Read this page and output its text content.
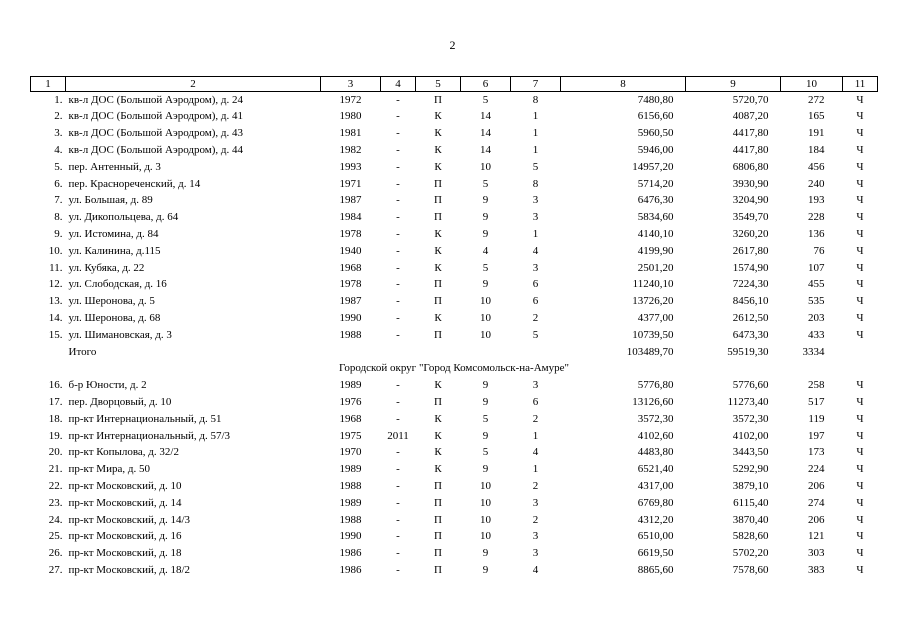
2
1	2	3	4	5	6	7	8	9	10	11
1.	кв-л ДОС (Большой Аэродром), д. 24	1972	-	П	5	8	7480,80	5720,70	272	Ч
2.	кв-л ДОС (Большой Аэродром), д. 41	1980	-	К	14	1	6156,60	4087,20	165	Ч
3.	кв-л ДОС (Большой Аэродром), д. 43	1981	-	К	14	1	5960,50	4417,80	191	Ч
4.	кв-л ДОС (Большой Аэродром), д. 44	1982	-	К	14	1	5946,00	4417,80	184	Ч
5.	пер. Антенный, д. 3	1993	-	К	10	5	14957,20	6806,80	456	Ч
6.	пер. Краснореченский, д. 14	1971	-	П	5	8	5714,20	3930,90	240	Ч
7.	ул. Большая, д. 89	1987	-	П	9	3	6476,30	3204,90	193	Ч
8.	ул. Дикопольцева, д. 64	1984	-	П	9	3	5834,60	3549,70	228	Ч
9.	ул. Истомина, д. 84	1978	-	К	9	1	4140,10	3260,20	136	Ч
10.	ул. Калинина, д.115	1940	-	К	4	4	4199,90	2617,80	76	Ч
11.	ул. Кубяка, д. 22	1968	-	К	5	3	2501,20	1574,90	107	Ч
12.	ул. Слободская, д. 16	1978	-	П	9	6	11240,10	7224,30	455	Ч
13.	ул. Шеронова, д. 5	1987	-	П	10	6	13726,20	8456,10	535	Ч
14.	ул. Шеронова, д. 68	1990	-	К	10	2	4377,00	2612,50	203	Ч
15.	ул. Шимановская, д. 3	1988	-	П	10	5	10739,50	6473,30	433	Ч
	Итого						103489,70	59519,30	3334	
Городской округ "Город Комсомольск-на-Амуре"										
16.	б-р Юности, д. 2	1989	-	К	9	3	5776,80	5776,60	258	Ч
17.	пер. Дворцовый, д. 10	1976	-	П	9	6	13126,60	11273,40	517	Ч
18.	пр-кт Интернациональный, д. 51	1968	-	К	5	2	3572,30	3572,30	119	Ч
19.	пр-кт Интернациональный, д. 57/3	1975	2011	К	9	1	4102,60	4102,00	197	Ч
20.	пр-кт Копылова, д. 32/2	1970	-	К	5	4	4483,80	3443,50	173	Ч
21.	пр-кт Мира, д. 50	1989	-	К	9	1	6521,40	5292,90	224	Ч
22.	пр-кт Московский, д. 10	1988	-	П	10	2	4317,00	3879,10	206	Ч
23.	пр-кт Московский, д. 14	1989	-	П	10	3	6769,80	6115,40	274	Ч
24.	пр-кт Московский, д. 14/3	1988	-	П	10	2	4312,20	3870,40	206	Ч
25.	пр-кт Московский, д. 16	1990	-	П	10	3	6510,00	5828,60	121	Ч
26.	пр-кт Московский, д. 18	1986	-	П	9	3	6619,50	5702,20	303	Ч
27.	пр-кт Московский, д. 18/2	1986	-	П	9	4	8865,60	7578,60	383	Ч
